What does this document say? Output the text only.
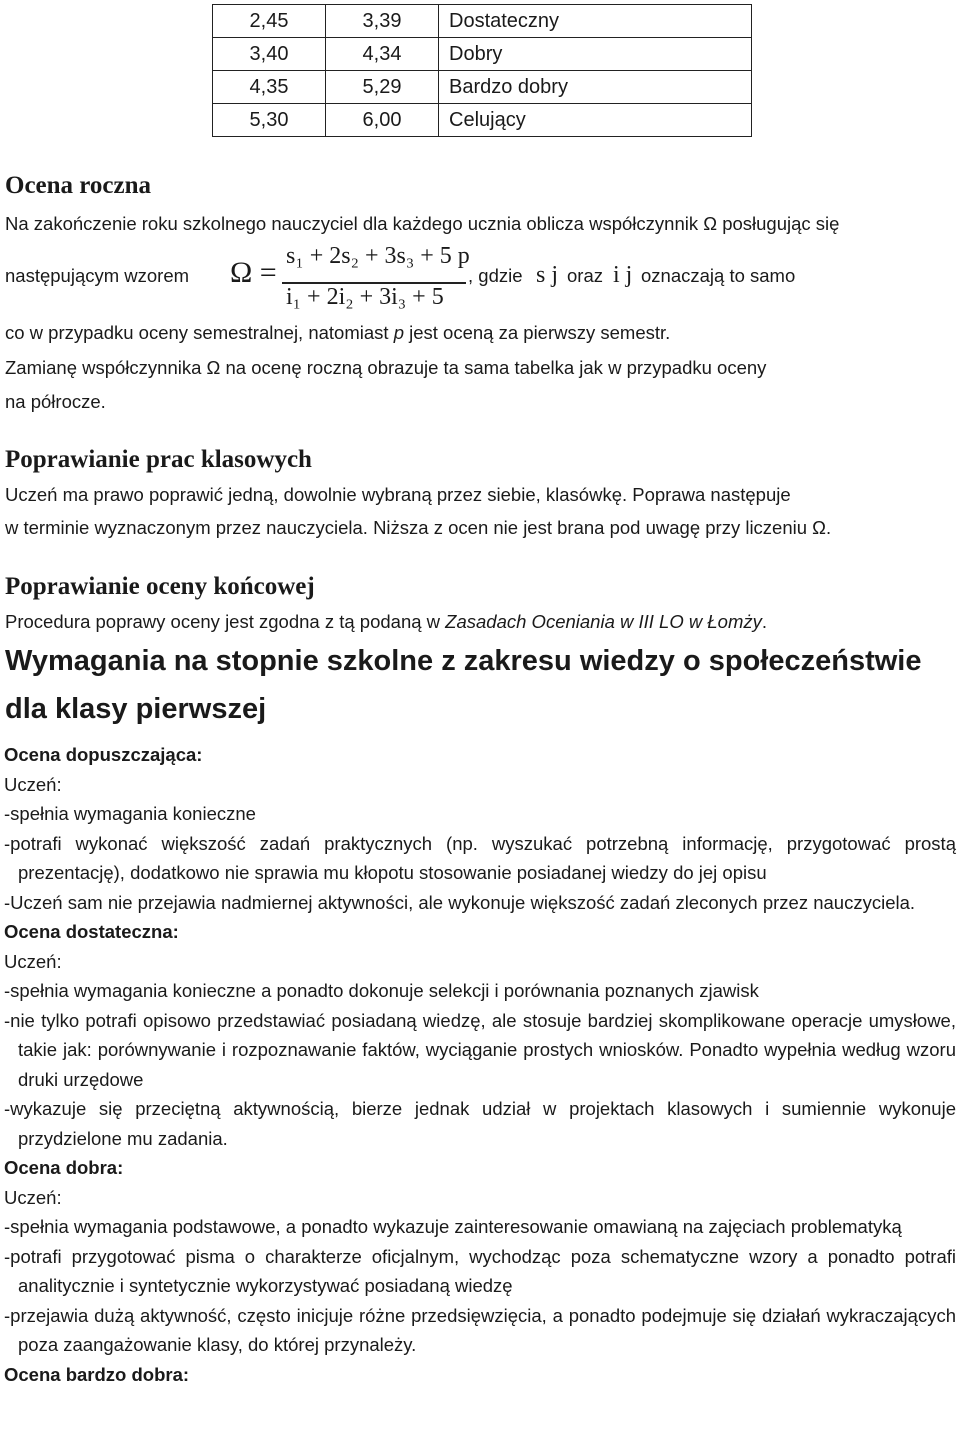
2,45	3,39	Dostateczny
3,40	4,34	Dobry
4,35	5,29	Bardzo dobry
5,30	6,00	Celujący
Ocena roczna
Na zakończenie roku szkolnego nauczyciel dla każdego ucznia oblicza współczynnik Ω posługując się
następującym wzorem Ω = s₁ + 2s₂ + 3s₃ + 5 p
i₁ + 2i₂ + 3i₃ + 5
, gdzie s j oraz i j oznaczają to samo
co w przypadku oceny semestralnej, natomiast p jest oceną za pierwszy semestr.
Zamianę współczynnika Ω na ocenę roczną obrazuje ta sama tabelka jak w przypadku oceny
na półrocze.
Poprawianie prac klasowych
Uczeń ma prawo poprawić jedną, dowolnie wybraną przez siebie, klasówkę. Poprawa następuje
w terminie wyznaczonym przez nauczyciela. Niższa z ocen nie jest brana pod uwagę przy liczeniu Ω.
Poprawianie oceny końcowej
Procedura poprawy oceny jest zgodna z tą podaną w Zasadach Oceniania w III LO w Łomży.
Wymagania na stopnie szkolne z zakresu wiedzy o społeczeństwie
dla klasy pierwszej
Ocena dopuszczająca:
Uczeń:
-spełnia wymagania konieczne
-potrafi wykonać większość zadań praktycznych (np. wyszukać potrzebną informację, przygotować prostą prezentację), dodatkowo nie sprawia mu kłopotu stosowanie posiadanej wiedzy do jej opisu
-Uczeń sam nie przejawia nadmiernej aktywności, ale wykonuje większość zadań zleconych przez nauczyciela.
Ocena dostateczna:
Uczeń:
-spełnia wymagania konieczne a ponadto dokonuje selekcji i porównania poznanych zjawisk
-nie tylko potrafi opisowo przedstawiać posiadaną wiedzę, ale stosuje bardziej skomplikowane operacje umysłowe, takie jak: porównywanie i rozpoznawanie faktów, wyciąganie prostych wniosków. Ponadto wypełnia według wzoru druki urzędowe
-wykazuje się przeciętną aktywnością, bierze jednak udział w projektach klasowych i sumiennie wykonuje przydzielone mu zadania.
Ocena dobra:
Uczeń:
-spełnia wymagania podstawowe, a ponadto wykazuje zainteresowanie omawianą na zajęciach problematyką
-potrafi przygotować pisma o charakterze oficjalnym, wychodząc poza schematyczne wzory a ponadto potrafi analitycznie i syntetycznie wykorzystywać posiadaną wiedzę
-przejawia dużą aktywność, często inicjuje różne przedsięwzięcia, a ponadto podejmuje się działań wykraczających poza zaangażowanie klasy, do której przynależy.
Ocena bardzo dobra:
